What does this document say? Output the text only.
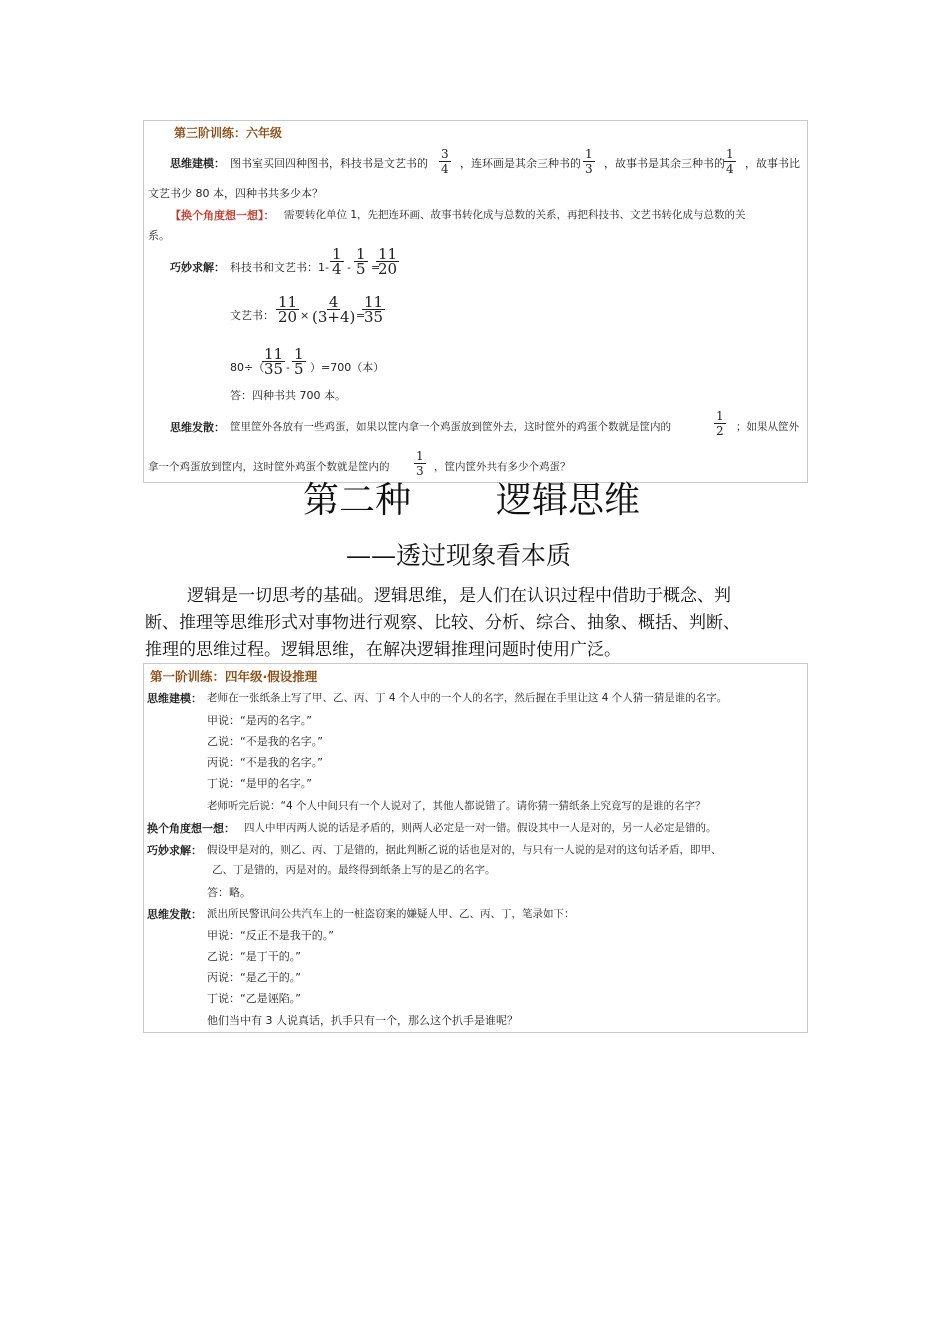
第三阶训练：六年级
思维建模： 图书室买回四种图书，科技书是文艺书的 $\frac{3}{4}$ ，连环画是其余三种书的 $\frac{1}{3}$ ，故事书是其余三种书的 $\frac{1}{4}$ ，故事书比
文艺书少 80 本，四种书共多少本？
【换个角度想一想】： 需要转化单位 1，先把连环画、故事书转化成与总数的关系，再把科技书、文艺书转化成与总数的关
系。
巧妙求解： 科技书和文艺书：$1- \frac{1}{4} - \frac{1}{5}$ =
$\frac{11}{20}$
文艺书： $\frac{11}{20} \times \frac{4}{(3+4)}$
=
$\frac{11}{35}$
80÷（
$\frac{11}{35} - \frac{1}{5} )=700$（本）
答：四种书共 700 本。
思维发散： 筐里筐外各放有一些鸡蛋，如果以筐内拿一个鸡蛋放到筐外去，这时筐外的鸡蛋个数就是筐内的	$\frac{1}{2}$ ；如果从筐外
拿一个鸡蛋放到筐内，这时筐外鸡蛋个数就是筐内的 $\frac{1}{3}$ ，筐内筐外共有多少个鸡蛋？
第二种 逻辑思维
——透过现象看本质
逻辑是一切思考的基础。逻辑思维，是人们在认识过程中借助于概念、判
断、推理等思维形式对事物进行观察、比较、分析、综合、抽象、概括、判断、
推理的思维过程。逻辑思维，在解决逻辑推理问题时使用广泛。
第一阶训练：四年级·假设推理
思维建模： 老师在一张纸条上写了甲、乙、丙、丁 4 个人中的一个人的名字，然后握在手里让这 4 个人猜一猜是谁的名字。
甲说：“是丙的名字。”
乙说：“不是我的名字。”
丙说：“不是我的名字。”
丁说：“是甲的名字。”
老师听完后说：“4 个人中间只有一个人说对了，其他人都说错了。请你猜一猜纸条上究竟写的是谁的名字？
换个角度想一想： 四人中甲丙两人说的话是矛盾的，则两人必定是一对一错。假设其中一人是对的，另一人必定是错的。
巧妙求解： 假设甲是对的，则乙、丙、丁是错的，据此判断乙说的话也是对的，与只有一人说的是对的这句话矛盾，即甲、
乙、丁是错的，丙是对的。最终得到纸条上写的是乙的名字。
答：略。
思维发散： 派出所民警讯问公共汽车上的一桩盗窃案的嫌疑人甲、乙、丙、丁，笔录如下：
甲说：“反正不是我干的。”
乙说：“是丁干的。”
丙说：“是乙干的。”
丁说：“乙是诬陷。”
他们当中有 3 人说真话，扒手只有一个，那么这个扒手是谁呢？
